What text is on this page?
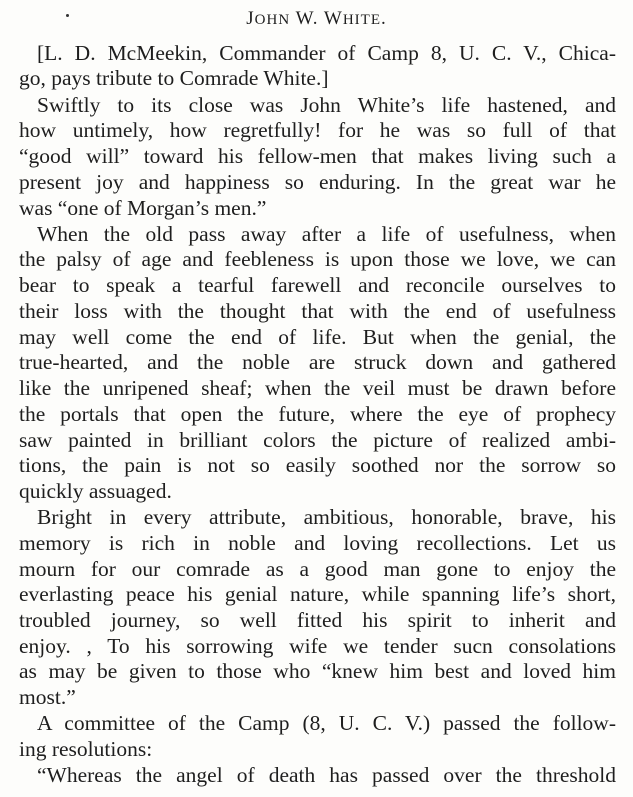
JOHN W. WHITE.
[L. D. McMeekin, Commander of Camp 8, U. C. V., Chica-
go, pays tribute to Comrade White.]
Swiftly to its close was John White’s life hastened, and
how untimely, how regretfully! for he was so full of that
“good will” toward his fellow-men that makes living such a
present joy and happiness so enduring. In the great war he
was “one of Morgan’s men.”
When the old pass away after a life of usefulness, when
the palsy of age and feebleness is upon those we love, we can
bear to speak a tearful farewell and reconcile ourselves to
their loss with the thought that with the end of usefulness
may well come the end of life. But when the genial, the
true-hearted, and the noble are struck down and gathered
like the unripened sheaf; when the veil must be drawn before
the portals that open the future, where the eye of prophecy
saw painted in brilliant colors the picture of realized ambi-
tions, the pain is not so easily soothed nor the sorrow so
quickly assuaged.
Bright in every attribute, ambitious, honorable, brave, his
memory is rich in noble and loving recollections. Let us
mourn for our comrade as a good man gone to enjoy the
everlasting peace his genial nature, while spanning life’s short,
troubled journey, so well fitted his spirit to inherit and
enjoy. , To his sorrowing wife we tender sucn consolations
as may be given to those who “knew him best and loved him
most.”
A committee of the Camp (8, U. C. V.) passed the follow-
ing resolutions:
“Whereas the angel of death has passed over the threshold
